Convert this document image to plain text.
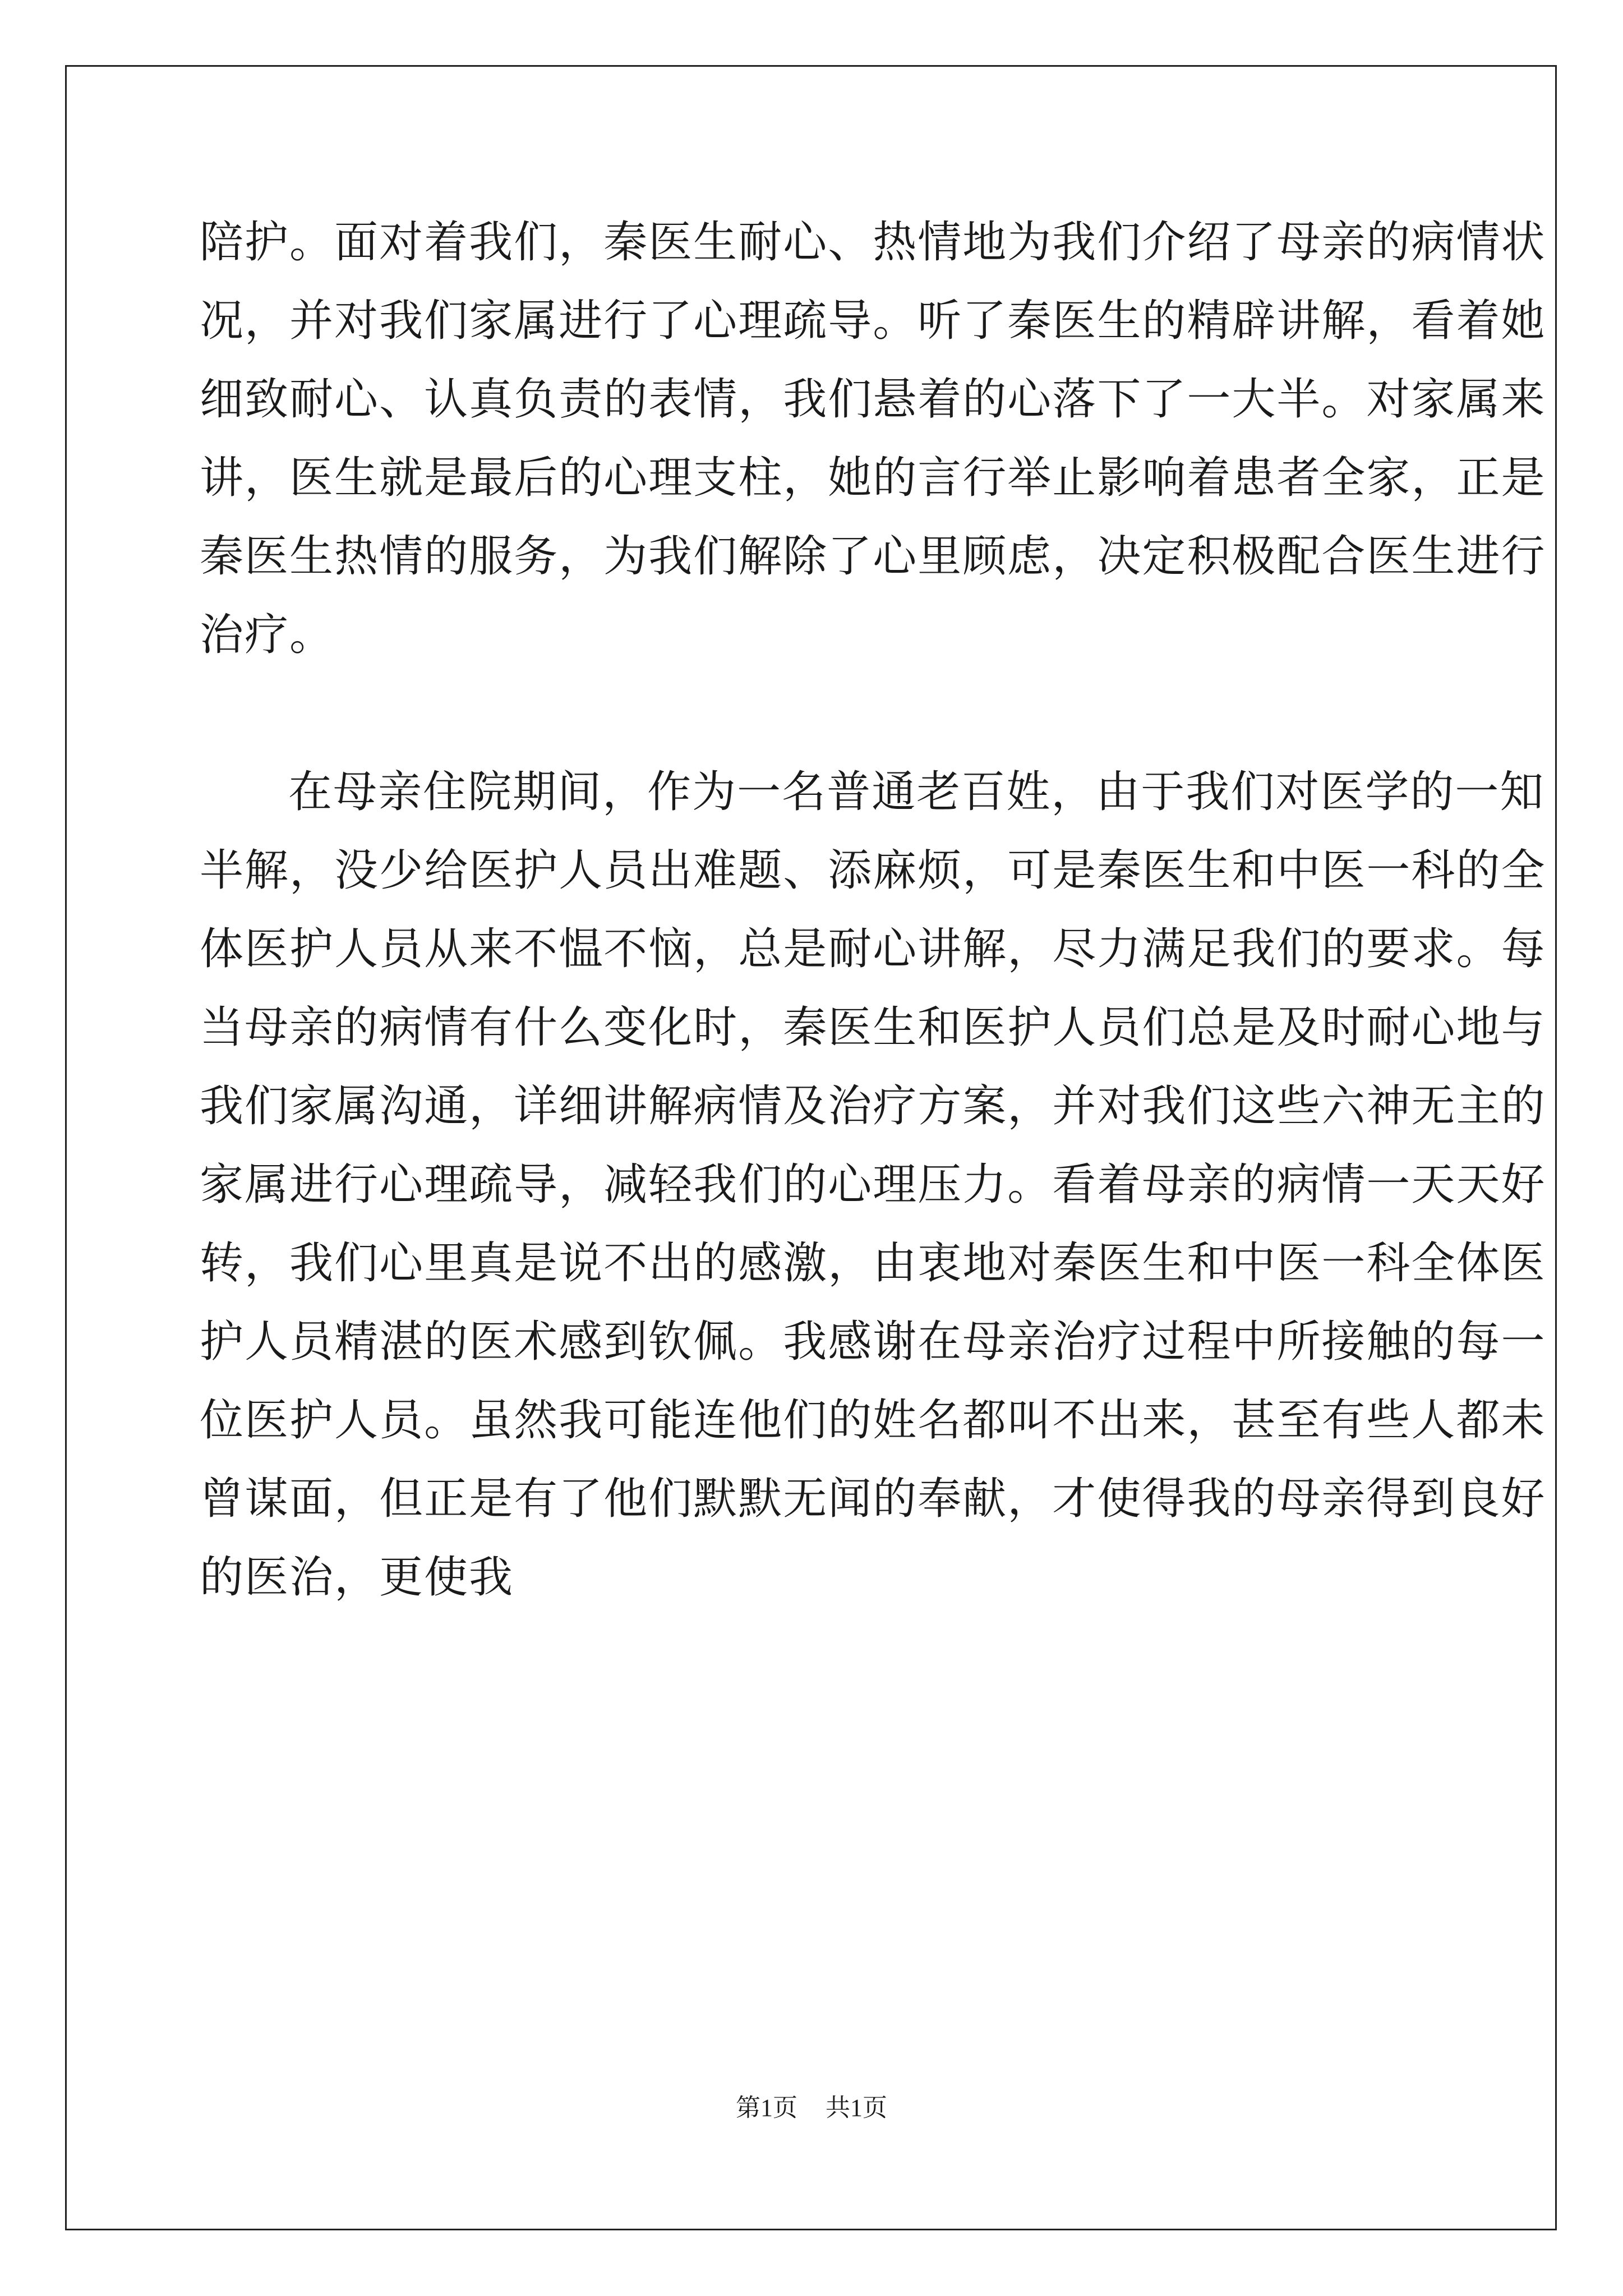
陪 护 。 面 对 着 我 们 ， 秦 医 生 耐 心 、 热 情 地 为 我 们 介 绍 了 母 亲 的 病 情 状
况 ， 并 对 我 们 家 属 进 行 了 心 理 疏 导 。 听 了 秦 医 生 的 精 辟 讲 解 ， 看 着 她
细 致 耐 心 、 认 真 负 责 的 表 情 ， 我 们 悬 着 的 心 落 下 了 一 大 半 。 对 家 属 来
讲 ， 医 生 就 是 最 后 的 心 理 支 柱 ， 她 的 言 行 举 止 影 响 着 患 者 全 家 ， 正 是
秦 医 生 热 情 的 服 务 ， 为 我 们 解 除 了 心 里 顾 虑 ， 决 定 积 极 配 合 医 生 进 行
治疗。
在 母 亲 住 院 期 间 ， 作 为 一 名 普 通 老 百 姓 ， 由 于 我 们 对 医 学 的 一 知
半 解 ， 没 少 给 医 护 人 员 出 难 题 、 添 麻 烦 ， 可 是 秦 医 生 和 中 医 一 科 的 全
体 医 护 人 员 从 来 不 愠 不 恼 ， 总 是 耐 心 讲 解 ， 尽 力 满 足 我 们 的 要 求 。 每
当 母 亲 的 病 情 有 什 么 变 化 时 ， 秦 医 生 和 医 护 人 员 们 总 是 及 时 耐 心 地 与
我 们 家 属 沟 通 ， 详 细 讲 解 病 情 及 治 疗 方 案 ， 并 对 我 们 这 些 六 神 无 主 的
家 属 进 行 心 理 疏 导 ， 减 轻 我 们 的 心 理 压 力 。 看 着 母 亲 的 病 情 一 天 天 好
转 ， 我 们 心 里 真 是 说 不 出 的 感 激 ， 由 衷 地 对 秦 医 生 和 中 医 一 科 全 体 医
护 人 员 精 湛 的 医 术 感 到 钦 佩 。 我 感 谢 在 母 亲 治 疗 过 程 中 所 接 触 的 每 一
位 医 护 人 员 。 虽 然 我 可 能 连 他 们 的 姓 名 都 叫 不 出 来 ， 甚 至 有 些 人 都 未
曾 谋 面 ， 但 正 是 有 了 他 们 默 默 无 闻 的 奉 献 ， 才 使 得 我 的 母 亲 得 到 良 好
的医治，更使我
第1页 共1页
